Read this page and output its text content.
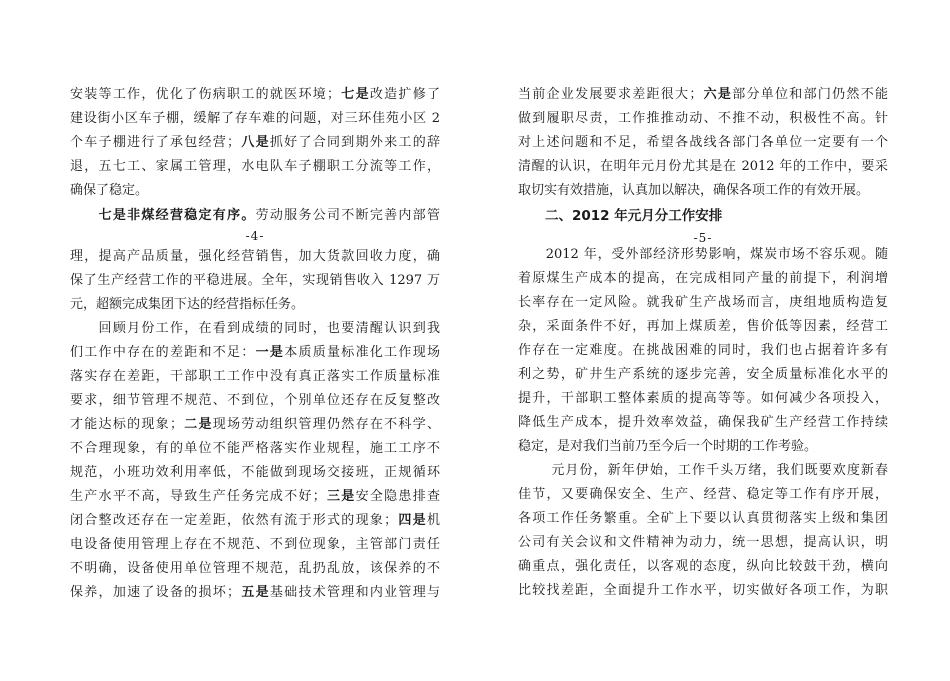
安装等工作，优化了伤病职工的就医环境；七是改造扩修了
建设街小区车子棚，缓解了存车难的问题，对三环佳苑小区 2
个车子棚进行了承包经营；八是抓好了合同到期外来工的辞
退，五七工、家属工管理，水电队车子棚职工分流等工作，
确保了稳定。
　　七是非煤经营稳定有序。劳动服务公司不断完善内部管
理，提高产品质量，强化经营销售，加大货款回收力度，确
保了生产经营工作的平稳进展。全年，实现销售收入 1297 万
元，超额完成集团下达的经营指标任务。
　　回顾月份工作，在看到成绩的同时，也要清醒认识到我
们工作中存在的差距和不足：一是本质质量标准化工作现场
落实存在差距，干部职工工作中没有真正落实工作质量标准
要求，细节管理不规范、不到位，个别单位还存在反复整改
才能达标的现象；二是现场劳动组织管理仍然存在不科学、
不合理现象，有的单位不能严格落实作业规程，施工工序不
规范，小班功效利用率低，不能做到现场交接班，正规循环
生产水平不高，导致生产任务完成不好；三是安全隐患排查
闭合整改还存在一定差距，依然有流于形式的现象；四是机
电设备使用管理上存在不规范、不到位现象，主管部门责任
不明确，设备使用单位管理不规范，乱扔乱放，该保养的不
保养，加速了设备的损坏；五是基础技术管理和内业管理与
-4-
当前企业发展要求差距很大；六是部分单位和部门仍然不能
做到履职尽责，工作推推动动、不推不动，积极性不高。针
对上述问题和不足，希望各战线各部门各单位一定要有一个
清醒的认识，在明年元月份尤其是在 2012 年的工作中，要采
取切实有效措施，认真加以解决，确保各项工作的有效开展。
　　二、2012 年元月分工作安排
　　2012 年，受外部经济形势影响，煤炭市场不容乐观。随
着原煤生产成本的提高，在完成相同产量的前提下，利润增
长率存在一定风险。就我矿生产战场而言，庚组地质构造复
杂，采面条件不好，再加上煤质差，售价低等因素，经营工
作存在一定难度。在挑战困难的同时，我们也占据着许多有
利之势，矿井生产系统的逐步完善，安全质量标准化水平的
提升，干部职工整体素质的提高等等。如何减少各项投入，
降低生产成本，提升效率效益，确保我矿生产经营工作持续
稳定，是对我们当前乃至今后一个时期的工作考验。
　　 元月份，新年伊始，工作千头万绪，我们既要欢度新春
佳节，又要确保安全、生产、经营、稳定等工作有序开展，
各项工作任务繁重。全矿上下要以认真贯彻落实上级和集团
公司有关会议和文件精神为动力，统一思想，提高认识，明
确重点，强化责任，以客观的态度，纵向比较鼓干劲，横向
比较找差距，全面提升工作水平，切实做好各项工作，为职
-5-
